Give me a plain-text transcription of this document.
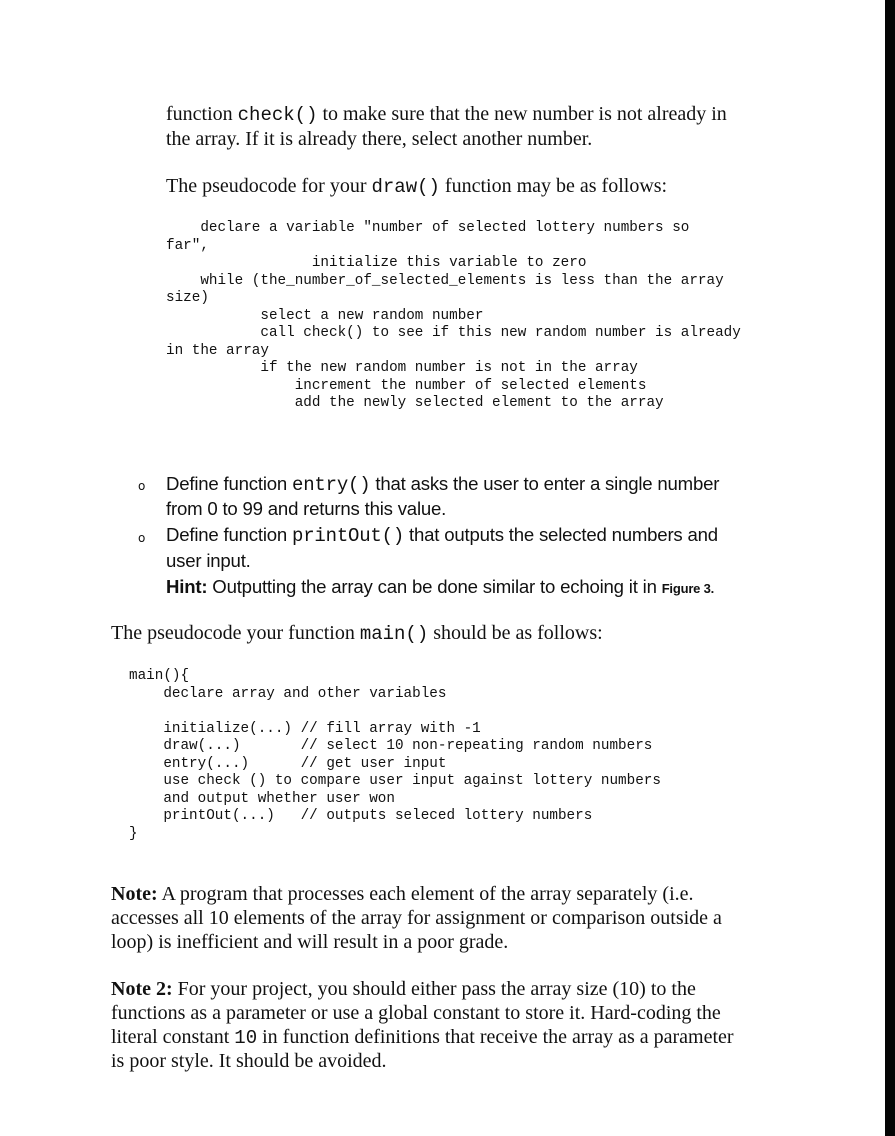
function check() to make sure that the new number is not already in
the array. If it is already there, select another number.
The pseudocode for your draw() function may be as follows:
declare a variable "number of selected lottery numbers so
far",
initialize this variable to zero
while (the_number_of_selected_elements is less than the array
size)
select a new random number
call check() to see if this new random number is already
in the array
if the new random number is not in the array
increment the number of selected elements
add the newly selected element to the array
o Define function entry() that asks the user to enter a single number
from 0 to 99 and returns this value.
o Define function printOut() that outputs the selected numbers and
user input.
Hint: Outputting the array can be done similar to echoing it in Figure 3.
The pseudocode your function main() should be as follows:
main(){
declare array and other variables

initialize(...) // fill array with -1
draw(...)       // select 10 non-repeating random numbers
entry(...)      // get user input
use check () to compare user input against lottery numbers
and output whether user won
printOut(...)   // outputs seleced lottery numbers
}
Note: A program that processes each element of the array separately (i.e.
accesses all 10 elements of the array for assignment or comparison outside a
loop) is inefficient and will result in a poor grade.
Note 2: For your project, you should either pass the array size (10) to the
functions as a parameter or use a global constant to store it. Hard-coding the
literal constant 10 in function definitions that receive the array as a parameter
is poor style. It should be avoided.
